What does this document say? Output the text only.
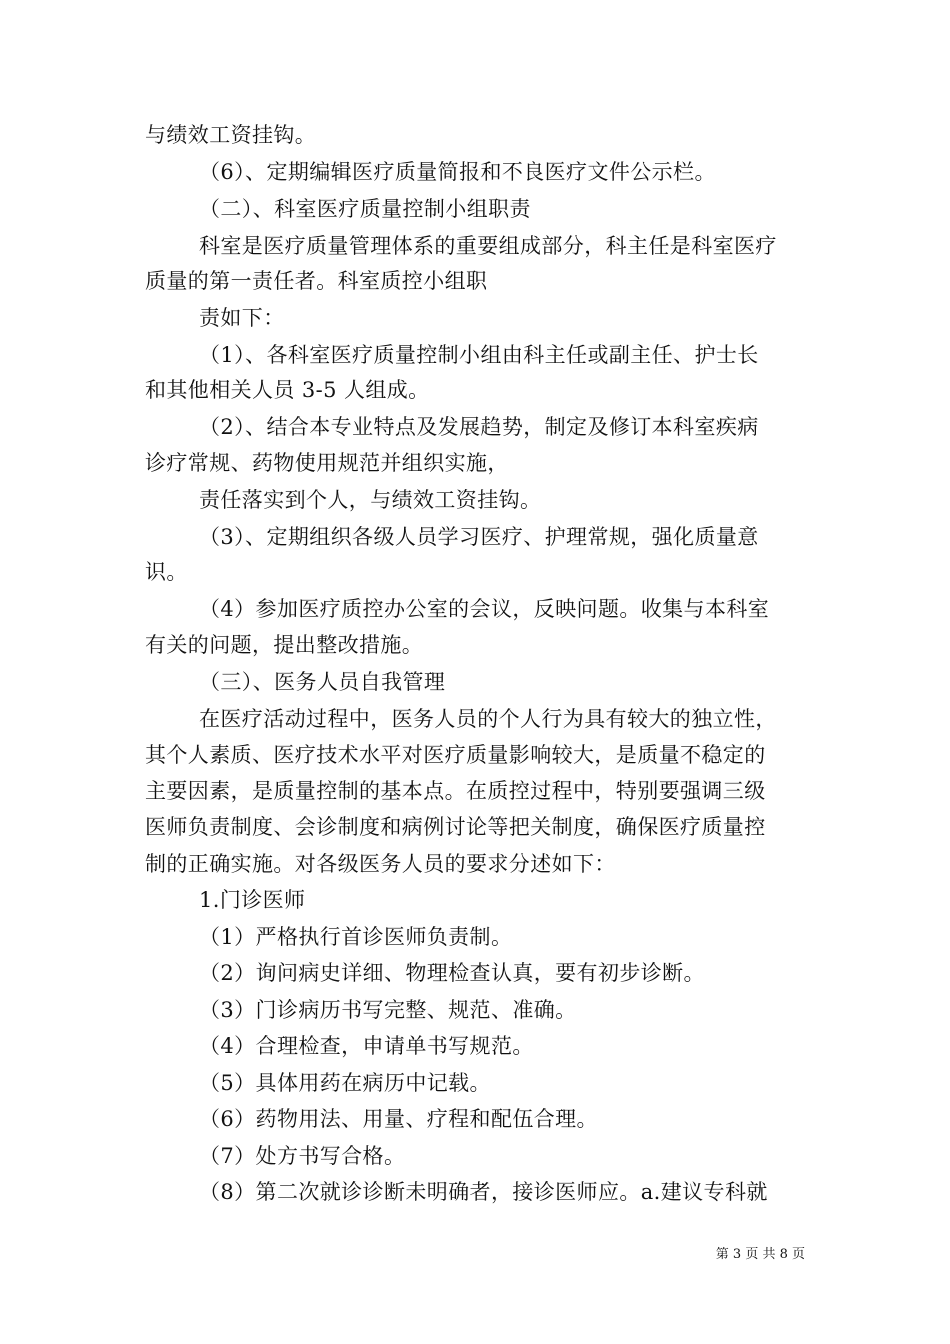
与绩效工资挂钩。
（6）、定期编辑医疗质量简报和不良医疗文件公示栏。
（二）、科室医疗质量控制小组职责
科室是医疗质量管理体系的重要组成部分，科主任是科室医疗
质量的第一责任者。科室质控小组职
责如下：
（1）、各科室医疗质量控制小组由科主任或副主任、护士长
和其他相关人员 3-5 人组成。
（2）、结合本专业特点及发展趋势，制定及修订本科室疾病
诊疗常规、药物使用规范并组织实施，
责任落实到个人，与绩效工资挂钩。
（3）、定期组织各级人员学习医疗、护理常规，强化质量意
识。
（4）参加医疗质控办公室的会议，反映问题。收集与本科室
有关的问题，提出整改措施。
（三）、医务人员自我管理
在医疗活动过程中，医务人员的个人行为具有较大的独立性，
其个人素质、医疗技术水平对医疗质量影响较大，是质量不稳定的
主要因素，是质量控制的基本点。在质控过程中，特别要强调三级
医师负责制度、会诊制度和病例讨论等把关制度，确保医疗质量控
制的正确实施。对各级医务人员的要求分述如下：
1.门诊医师
（1）严格执行首诊医师负责制。
（2）询问病史详细、物理检查认真，要有初步诊断。
（3）门诊病历书写完整、规范、准确。
（4）合理检查，申请单书写规范。
（5）具体用药在病历中记载。
（6）药物用法、用量、疗程和配伍合理。
（7）处方书写合格。
（8）第二次就诊诊断未明确者，接诊医师应。a.建议专科就
第 3 页 共 8 页
